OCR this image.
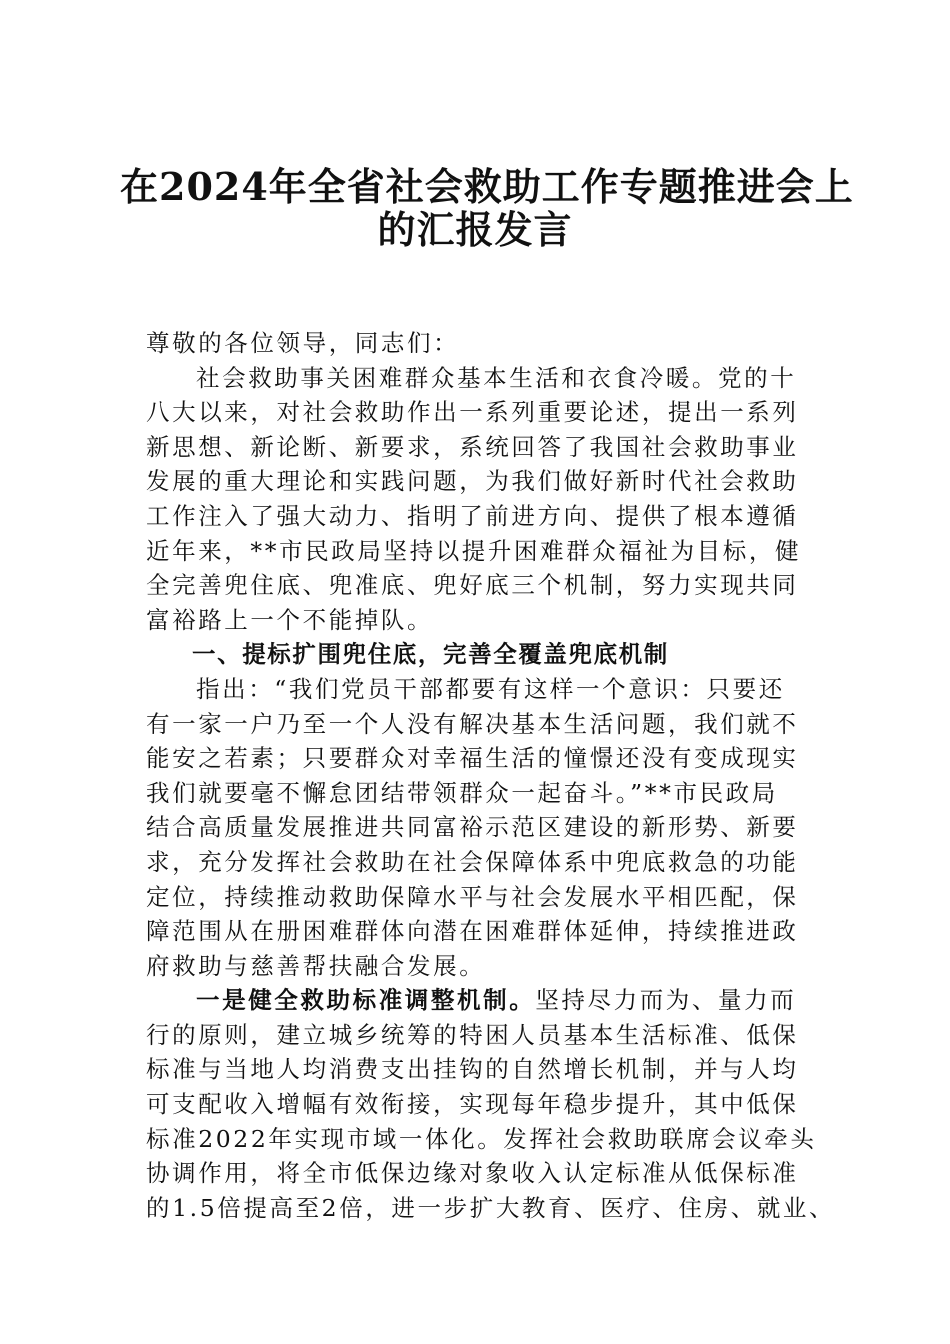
在2024年全省社会救助工作专题推进会上
的汇报发言
尊敬的各位领导，同志们：
社会救助事关困难群众基本生活和衣食冷暖。党的十
八大以来，对社会救助作出一系列重要论述，提出一系列
新思想、新论断、新要求，系统回答了我国社会救助事业
发展的重大理论和实践问题，为我们做好新时代社会救助
工作注入了强大动力、指明了前进方向、提供了根本遵循
近年来，**市民政局坚持以提升困难群众福祉为目标，健
全完善兜住底、兜准底、兜好底三个机制，努力实现共同
富裕路上一个不能掉队。
一、提标扩围兜住底，完善全覆盖兜底机制
指出：“我们党员干部都要有这样一个意识：只要还
有一家一户乃至一个人没有解决基本生活问题，我们就不
能安之若素；只要群众对幸福生活的憧憬还没有变成现实
我们就要毫不懈怠团结带领群众一起奋斗。”**市民政局
结合高质量发展推进共同富裕示范区建设的新形势、新要
求，充分发挥社会救助在社会保障体系中兜底救急的功能
定位，持续推动救助保障水平与社会发展水平相匹配，保
障范围从在册困难群体向潜在困难群体延伸，持续推进政
府救助与慈善帮扶融合发展。
一是健全救助标准调整机制。坚持尽力而为、量力而
行的原则，建立城乡统筹的特困人员基本生活标准、低保
标准与当地人均消费支出挂钩的自然增长机制，并与人均
可支配收入增幅有效衔接，实现每年稳步提升，其中低保
标准2022年实现市域一体化。发挥社会救助联席会议牵头
协调作用，将全市低保边缘对象收入认定标准从低保标准
的1.5倍提高至2倍，进一步扩大教育、医疗、住房、就业、
